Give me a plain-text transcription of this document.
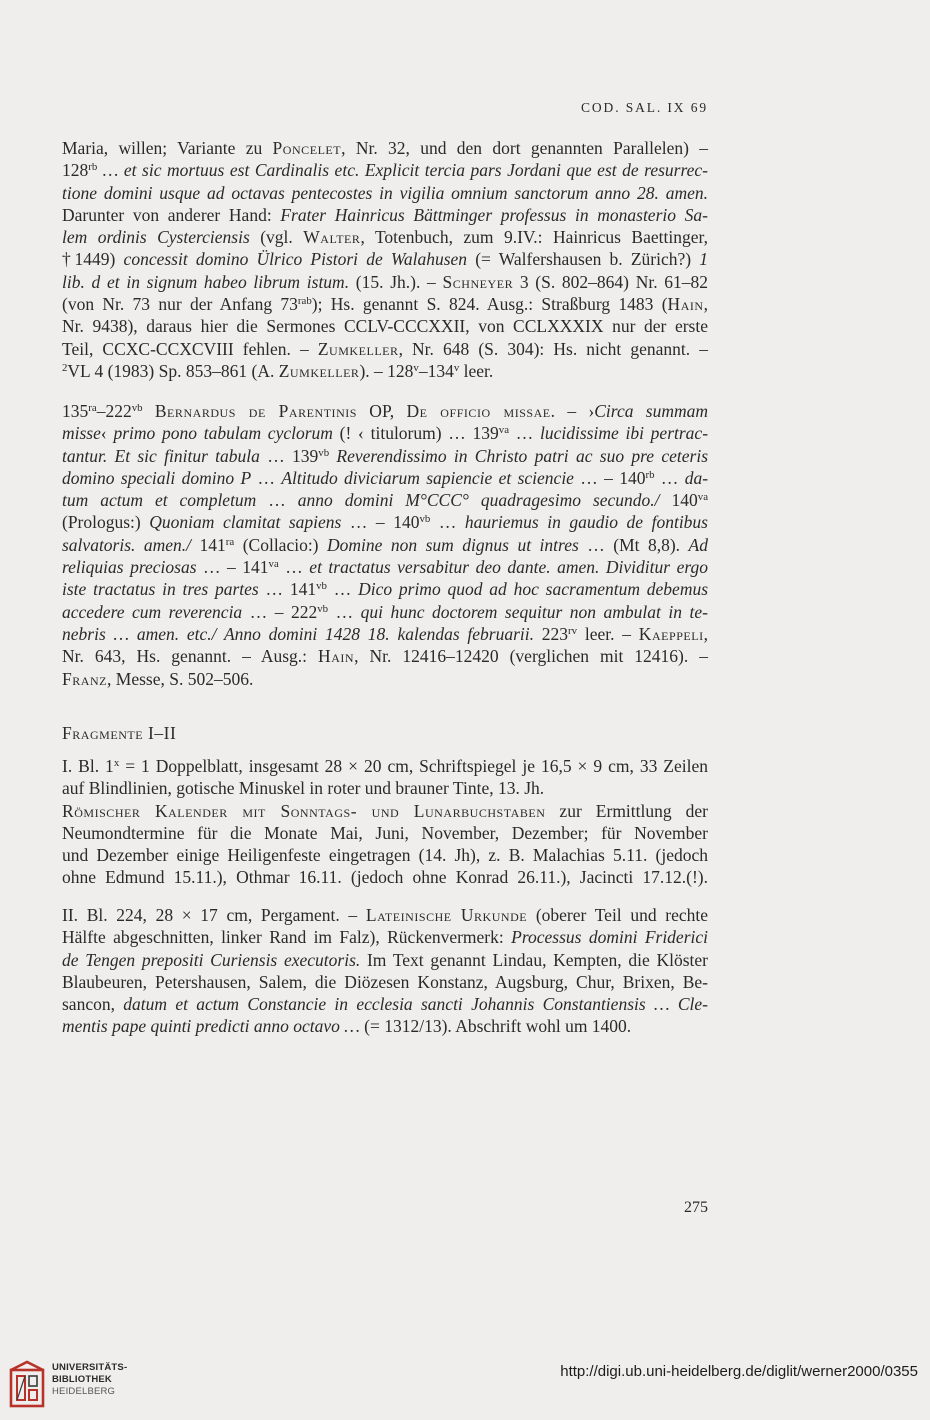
COD. SAL. IX 69
Maria, willen; Variante zu Poncelet, Nr. 32, und den dort genannten Parallelen) –
$128^{rb}$ … et sic mortuus est Cardinalis etc. Explicit tercia pars Jordani que est de resurrec-
tione domini usque ad octavas pentecostes in vigilia omnium sanctorum anno 28. amen.
Darunter von anderer Hand: Frater Hainricus Bättminger professus in monasterio Sa-
lem ordinis Cysterciensis (vgl. Walter, Totenbuch, zum 9.IV.: Hainricus Baettinger,
†1449) concessit domino Ülrico Pistori de Walahusen (= Walfershausen b. Zürich?) 1
lib. d et in signum habeo librum istum. (15. Jh.). – Schneyer 3 (S. 802–864) Nr. 61–82
(von Nr. 73 nur der Anfang $73^{rab}$); Hs. genannt S. 824. Ausg.: Straßburg 1483 (Hain,
Nr. 9438), daraus hier die Sermones CCLV-CCCXXII, von CCLXXXIX nur der erste
Teil, CCXC-CCXCVIII fehlen. – Zumkeller, Nr. 648 (S. 304): Hs. nicht genannt. –
$^2$VL 4 (1983) Sp. 853–861 (A. Zumkeller). – 128$^v$–134$^v$ leer.
$135^{ra}-222^{vb}$ Bernardus de Parentinis OP, De officio missae. – ›Circa summam
misse‹ primo pono tabulam cyclorum (! ‹ titulorum) … $139^{va}$ … lucidissime ibi pertrac-
tantur. Et sic finitur tabula … $139^{vb}$ Reverendissimo in Christo patri ac suo pre ceteris
domino speciali domino P … Altitudo diviciarum sapiencie et sciencie … – $140^{rb}$ … da-
tum actum et completum … anno domini M°CCC° quadragesimo secundo./ $140^{va}$
(Prologus:) Quoniam clamitat sapiens … – $140^{vb}$ … hauriemus in gaudio de fontibus
salvatoris. amen./ $141^{ra}$ (Collacio:) Domine non sum dignus ut intres … (Mt 8,8). Ad
reliquias preciosas … – $141^{va}$ … et tractatus versabitur deo dante. amen. Dividitur ergo
iste tractatus in tres partes … $141^{vb}$ … Dico primo quod ad hoc sacramentum debemus
accedere cum reverencia … – $222^{vb}$ … qui hunc doctorem sequitur non ambulat in te-
nebris … amen. etc./ Anno domini 1428 18. kalendas februarii. $223^{rv}$ leer. – Kaeppeli,
Nr. 643, Hs. genannt. – Ausg.: Hain, Nr. 12416–12420 (verglichen mit 12416). –
Franz, Messe, S. 502–506.
Fragmente I–II
I. Bl. $1^x = 1$ Doppelblatt, insgesamt 28 × 20 cm, Schriftspiegel je 16,5 × 9 cm, 33 Zeilen
auf Blindlinien, gotische Minuskel in roter und brauner Tinte, 13. Jh.
Römischer Kalender mit Sonntags- und Lunarbuchstaben zur Ermittlung der
Neumondtermine für die Monate Mai, Juni, November, Dezember; für November
und Dezember einige Heiligenfeste eingetragen (14. Jh), z. B. Malachias 5.11. (jedoch
ohne Edmund 15.11.), Othmar 16.11. (jedoch ohne Konrad 26.11.), Jacincti 17.12.(!).
II. Bl. 224, 28 × 17 cm, Pergament. – Lateinische Urkunde (oberer Teil und rechte
Hälfte abgeschnitten, linker Rand im Falz), Rückenvermerk: Processus domini Friderici
de Tengen prepositi Curiensis executoris. Im Text genannt Lindau, Kempten, die Klöster
Blaubeuren, Petershausen, Salem, die Diözesen Konstanz, Augsburg, Chur, Brixen, Be-
sancon, datum et actum Constancie in ecclesia sancti Johannis Constantiensis … Cle-
mentis pape quinti predicti anno octavo … (= 1312/13). Abschrift wohl um 1400.
275
UNIVERSITÄTS-
BIBLIOTHEK
HEIDELBERG
http://digi.ub.uni-heidelberg.de/diglit/werner2000/0355
